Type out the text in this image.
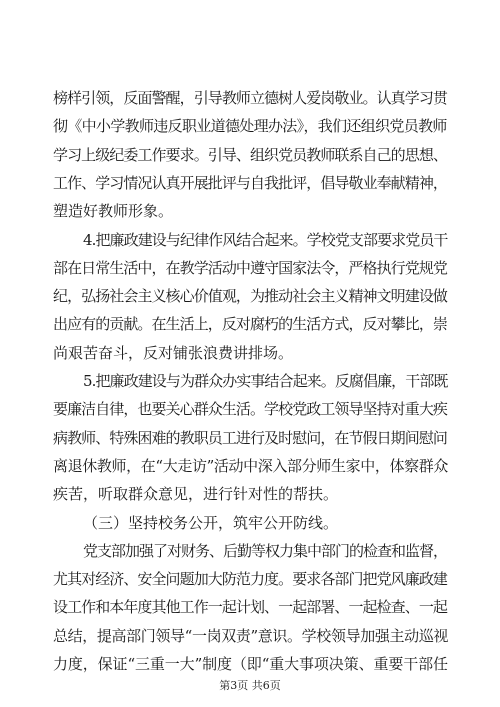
榜样引领，反面警醒，引导教师立德树人爱岗敬业。认真学习贯
彻《中小学教师违反职业道德处理办法》，我们还组织党员教师
学习上级纪委工作要求。引导、组织党员教师联系自己的思想、
工作、学习情况认真开展批评与自我批评，倡导敬业奉献精神，
塑造好教师形象。
4.把廉政建设与纪律作风结合起来。学校党支部要求党员干
部在日常生活中，在教学活动中遵守国家法令，严格执行党规党
纪，弘扬社会主义核心价值观，为推动社会主义精神文明建设做
出应有的贡献。在生活上，反对腐朽的生活方式，反对攀比，崇
尚艰苦奋斗，反对铺张浪费讲排场。
5.把廉政建设与为群众办实事结合起来。反腐倡廉，干部既
要廉洁自律，也要关心群众生活。学校党政工领导坚持对重大疾
病教师、特殊困难的教职员工进行及时慰问，在节假日期间慰问
离退休教师，在“大走访”活动中深入部分师生家中，体察群众
疾苦，听取群众意见，进行针对性的帮扶。
（三）坚持校务公开，筑牢公开防线。
党支部加强了对财务、后勤等权力集中部门的检查和监督，
尤其对经济、安全问题加大防范力度。要求各部门把党风廉政建
设工作和本年度其他工作一起计划、一起部署、一起检查、一起
总结，提高部门领导“一岗双责”意识。学校领导加强主动巡视
力度，保证“三重一大”制度（即“重大事项决策、重要干部任
第3页 共6页
